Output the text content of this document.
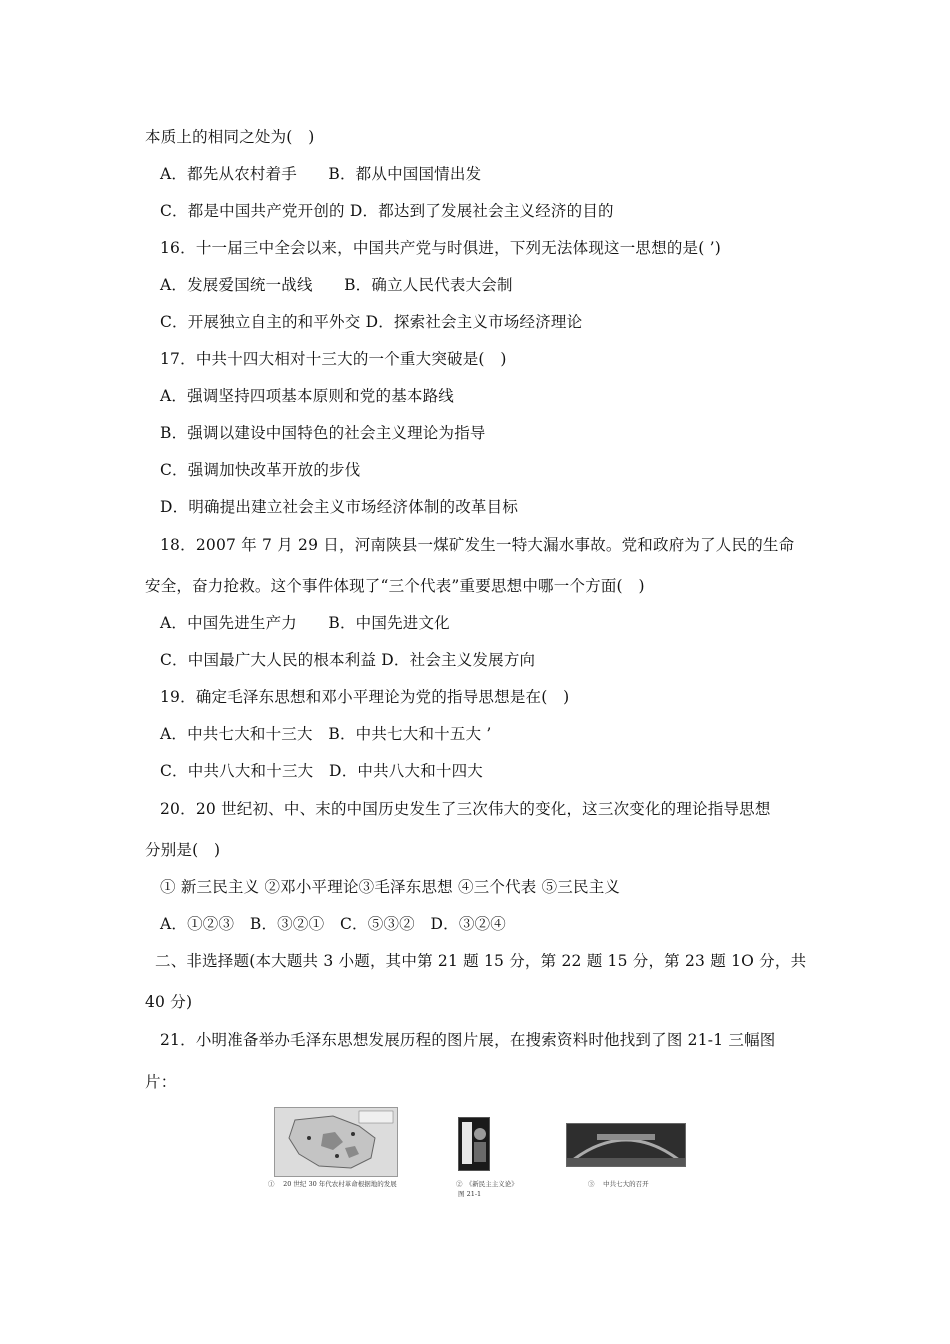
本质上的相同之处为(　)
A．都先从农村着手　　B．都从中国国情出发
C．都是中国共产党开创的 D．都达到了发展社会主义经济的目的
16．十一届三中全会以来，中国共产党与时俱进，下列无法体现这一思想的是( ’)
A．发展爱国统一战线　　B．确立人民代表大会制
C．开展独立自主的和平外交 D．探索社会主义市场经济理论
17．中共十四大相对十三大的一个重大突破是(　)
A．强调坚持四项基本原则和党的基本路线
B．强调以建设中国特色的社会主义理论为指导
C．强调加快改革开放的步伐
D．明确提出建立社会主义市场经济体制的改革目标
18．2007 年 7 月 29 日，河南陕县一煤矿发生一特大漏水事故。党和政府为了人民的生命
安全，奋力抢救。这个事件体现了“三个代表”重要思想中哪一个方面(　)
A．中国先进生产力　　B．中国先进文化
C．中国最广大人民的根本利益 D．社会主义发展方向
19．确定毛泽东思想和邓小平理论为党的指导思想是在(　)
A．中共七大和十三大　B．中共七大和十五大 ’
C．中共八大和十三大　D．中共八大和十四大
20．20 世纪初、中、末的中国历史发生了三次伟大的变化，这三次变化的理论指导思想
分别是(　)
① 新三民主义 ②邓小平理论③毛泽东思想 ④三个代表 ⑤三民主义
A．①②③　B．③②①　C．⑤③②　D．③②④
二、非选择题(本大题共 3 小题，其中第 21 题 15 分，第 22 题 15 分，第 23 题 1O 分，共
40 分)
21．小明准备举办毛泽东思想发展历程的图片展，在搜索资料时他找到了图 21-1 三幅图
片：
①　 20 世纪 30 年代农村革命根据地的发展	②　《新民主主义论》
图 21-1
③　 中共七大的召开
